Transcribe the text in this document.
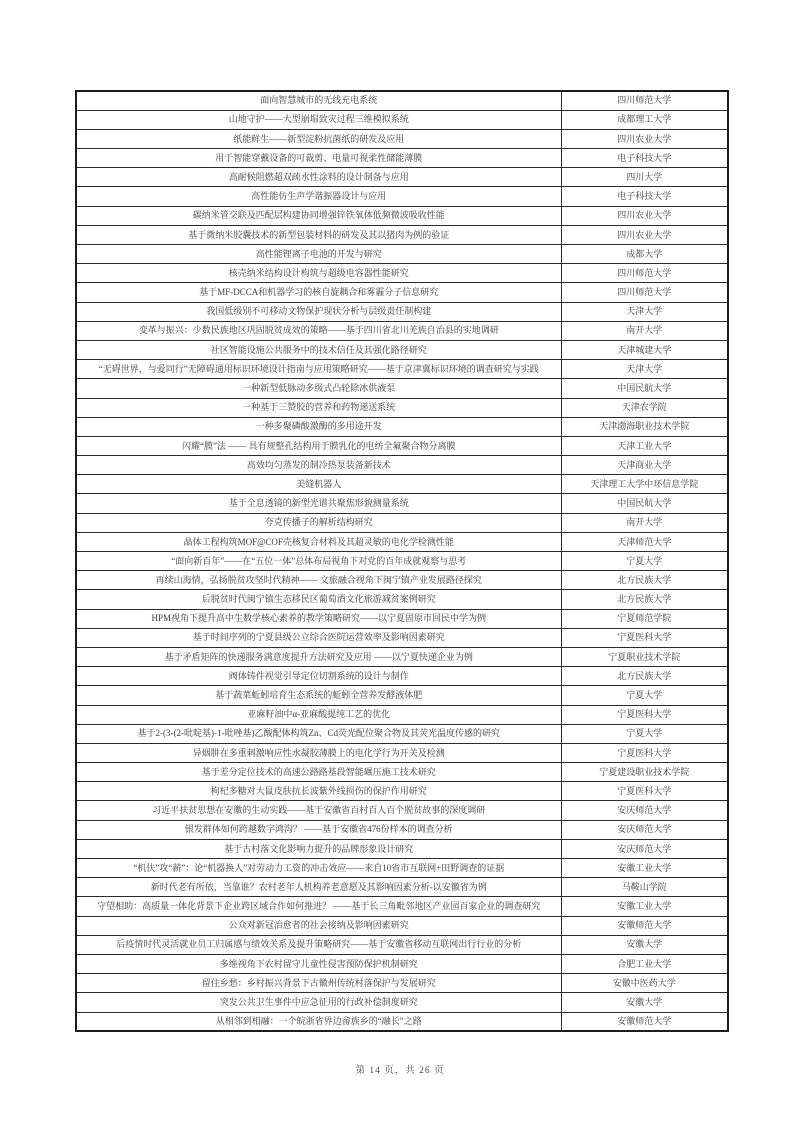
面向智慧城市的无线充电系统	四川师范大学
山地守护——大型崩塌致灾过程三维模拟系统	成都理工大学
纸能鲜生——新型淀粉抗菌纸的研发及应用	四川农业大学
用于智能穿戴设备的可裁剪、电量可视柔性储能薄膜	电子科技大学
高耐候阻燃超双疏水性涂料的设计制备与应用	四川大学
高性能仿生声学谐振器设计与应用	电子科技大学
碳纳米管交联及匹配层构建协同增强锌铁氧体低频微波吸收性能	四川农业大学
基于微纳米胶囊技术的新型包装材料的研发及其以猪肉为例的验证	四川农业大学
高性能锂离子电池的开发与研究	成都大学
核壳纳米结构设计构筑与超级电容器性能研究	四川师范大学
基于MF-DCCA和机器学习的核自旋耦合和雾霾分子信息研究	四川师范大学
我国低级别不可移动文物保护现状分析与层级责任制构建	天津大学
变革与振兴：少数民族地区巩固脱贫成效的策略——基于四川省北川羌族自治县的实地调研	南开大学
社区智能设施公共服务中的技术信任及其强化路径研究	天津城建大学
“无碍世界，与爱同行”无障碍通用标识环境设计指南与应用策略研究——基于京津冀标识环境的调查研究与实践	天津大学
一种新型低脉动多级式凸轮除冰供液泵	中国民航大学
一种基于三赞胶的营养和药物递送系统	天津农学院
一种多聚磷酸激酶的多用途开发	天津渤海职业技术学院
闪耀“膜”法 —— 具有规整孔结构用于膜乳化的电纺全氟聚合物分离膜	天津工业大学
高效均匀蒸发的制冷热泵装备新技术	天津商业大学
美缝机器人	天津理工大学中环信息学院
基于全息透镜的新型光谱共聚焦形貌测量系统	中国民航大学
夸克传播子的解析结构研究	南开大学
晶体工程构筑MOF@COF壳核复合材料及其超灵敏的电化学检测性能	天津师范大学
“面向新百年”——在“五位一体”总体布局视角下对党的百年成就观察与思考	宁夏大学
再续山海情，弘扬脱贫攻坚时代精神—— 文旅融合视角下闽宁镇产业发展路径探究	北方民族大学
后脱贫时代闽宁镇生态移民区葡萄酒文化旅游减贫案例研究	北方民族大学
HPM视角下提升高中生数学核心素养的教学策略研究——以宁夏固原市回民中学为例	宁夏师范学院
基于时间序列的宁夏县级公立综合医院运营效率及影响因素研究	宁夏医科大学
基于矛盾矩阵的快递服务满意度提升方法研究及应用 ——以宁夏快递企业为例	宁夏职业技术学院
阀体铸件视觉引导定位切割系统的设计与制作	北方民族大学
基于蔬菜蚯蚓培育生态系统的蚯蚓全营养发酵液体肥	宁夏大学
亚麻籽油中α-亚麻酸提纯工艺的优化	宁夏医科大学
基于2-(3-(2-吡啶基)-1-吡唑基)乙酸配体构筑Zn、Cd荧光配位聚合物及其荧光温度传感的研究	宁夏大学
异烟肼在多重刺激响应性水凝胶薄膜上的电化学行为开关及检测	宁夏医科大学
基于差分定位技术的高速公路路基段智能碾压施工技术研究	宁夏建设职业技术学院
枸杞多糖对大鼠皮肤抗长波紫外线损伤的保护作用研究	宁夏医科大学
习近平扶贫思想在安徽的生动实践——基于安徽省百村百人百个脱贫故事的深度调研	安庆师范大学
银发群体如何跨越数字鸿沟？ ——基于安徽省476份样本的调查分析	安庆师范大学
基于古村落文化影响力提升的品牌形象设计研究	安庆师范大学
“机伕”攻“薪”：论“机器换人”对劳动力工资的冲击效应——来自10省市互联网+田野调查的证据	安徽工业大学
新时代老有所依，当靠谁？农村老年人机构养老意愿及其影响因素分析-以安徽省为例	马鞍山学院
守望相助：高质量一体化背景下企业跨区域合作如何推进？ ——基于长三角毗邻地区产业园百家企业的调查研究	安徽工业大学
公众对新冠治愈者的社会接纳及影响因素研究	安徽师范大学
后疫情时代灵活就业员工归属感与绩效关系及提升策略研究——基于安徽省移动互联网出行行业的分析	安徽大学
多维视角下农村留守儿童性侵害预防保护机制研究	合肥工业大学
留住乡愁：乡村振兴背景下古徽州传统村落保护与发展研究	安徽中医药大学
突发公共卫生事件中应急征用的行政补偿制度研究	安徽大学
从相邻到相融：一个皖浙省界边畲族乡的“融长”之路	安徽师范大学
第 14 页，共 26 页
